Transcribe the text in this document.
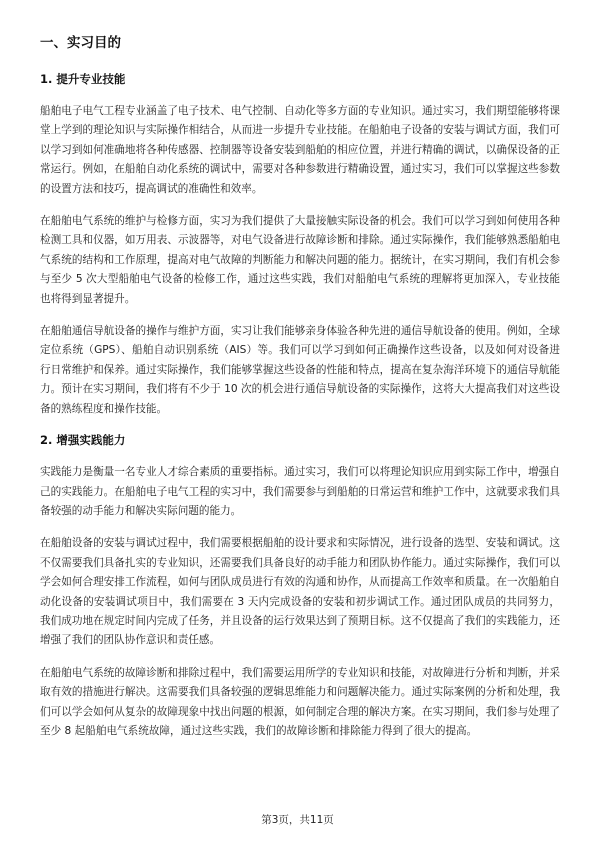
一、实习目的
1. 提升专业技能

船舶电子电气工程专业涵盖了电子技术、电气控制、自动化等多方面的专业知识。通过实习，我们期望能够将课堂上学到的理论知识与实际操作相结合，从而进一步提升专业技能。在船舶电子设备的安装与调试方面，我们可以学习到如何准确地将各种传感器、控制器等设备安装到船舶的相应位置，并进行精确的调试，以确保设备的正常运行。例如，在船舶自动化系统的调试中，需要对各种参数进行精确设置，通过实习，我们可以掌握这些参数的设置方法和技巧，提高调试的准确性和效率。

在船舶电气系统的维护与检修方面，实习为我们提供了大量接触实际设备的机会。我们可以学习到如何使用各种检测工具和仪器，如万用表、示波器等，对电气设备进行故障诊断和排除。通过实际操作，我们能够熟悉船舶电气系统的结构和工作原理，提高对电气故障的判断能力和解决问题的能力。据统计，在实习期间，我们有机会参与至少 5 次大型船舶电气设备的检修工作，通过这些实践，我们对船舶电气系统的理解将更加深入，专业技能也将得到显著提升。

在船舶通信导航设备的操作与维护方面，实习让我们能够亲身体验各种先进的通信导航设备的使用。例如，全球定位系统（GPS）、船舶自动识别系统（AIS）等。我们可以学习到如何正确操作这些设备，以及如何对设备进行日常维护和保养。通过实际操作，我们能够掌握这些设备的性能和特点，提高在复杂海洋环境下的通信导航能力。预计在实习期间，我们将有不少于 10 次的机会进行通信导航设备的实际操作，这将大大提高我们对这些设备的熟练程度和操作技能。

2. 增强实践能力

实践能力是衡量一名专业人才综合素质的重要指标。通过实习，我们可以将理论知识应用到实际工作中，增强自己的实践能力。在船舶电子电气工程的实习中，我们需要参与到船舶的日常运营和维护工作中，这就要求我们具备较强的动手能力和解决实际问题的能力。

在船舶设备的安装与调试过程中，我们需要根据船舶的设计要求和实际情况，进行设备的选型、安装和调试。这不仅需要我们具备扎实的专业知识，还需要我们具备良好的动手能力和团队协作能力。通过实际操作，我们可以学会如何合理安排工作流程，如何与团队成员进行有效的沟通和协作，从而提高工作效率和质量。在一次船舶自动化设备的安装调试项目中，我们需要在 3 天内完成设备的安装和初步调试工作。通过团队成员的共同努力，我们成功地在规定时间内完成了任务，并且设备的运行效果达到了预期目标。这不仅提高了我们的实践能力，还增强了我们的团队协作意识和责任感。

在船舶电气系统的故障诊断和排除过程中，我们需要运用所学的专业知识和技能，对故障进行分析和判断，并采取有效的措施进行解决。这需要我们具备较强的逻辑思维能力和问题解决能力。通过实际案例的分析和处理，我们可以学会如何从复杂的故障现象中找出问题的根源，如何制定合理的解决方案。在实习期间，我们参与处理了至少 8 起船舶电气系统故障，通过这些实践，我们的故障诊断和排除能力得到了很大的提高。

第3页，共11页
